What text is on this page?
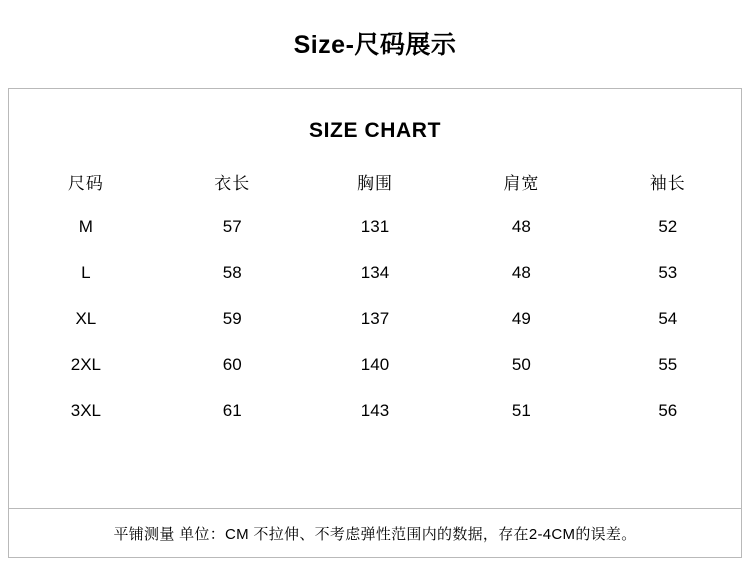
Size-尺码展示
SIZE CHART
尺码	衣长	胸围	肩宽	袖长
M	57	131	48	52
L	58	134	48	53
XL	59	137	49	54
2XL	60	140	50	55
3XL	61	143	51	56
平铺测量 单位：CM 不拉伸、不考虑弹性范围内的数据，存在2-4CM的误差。
